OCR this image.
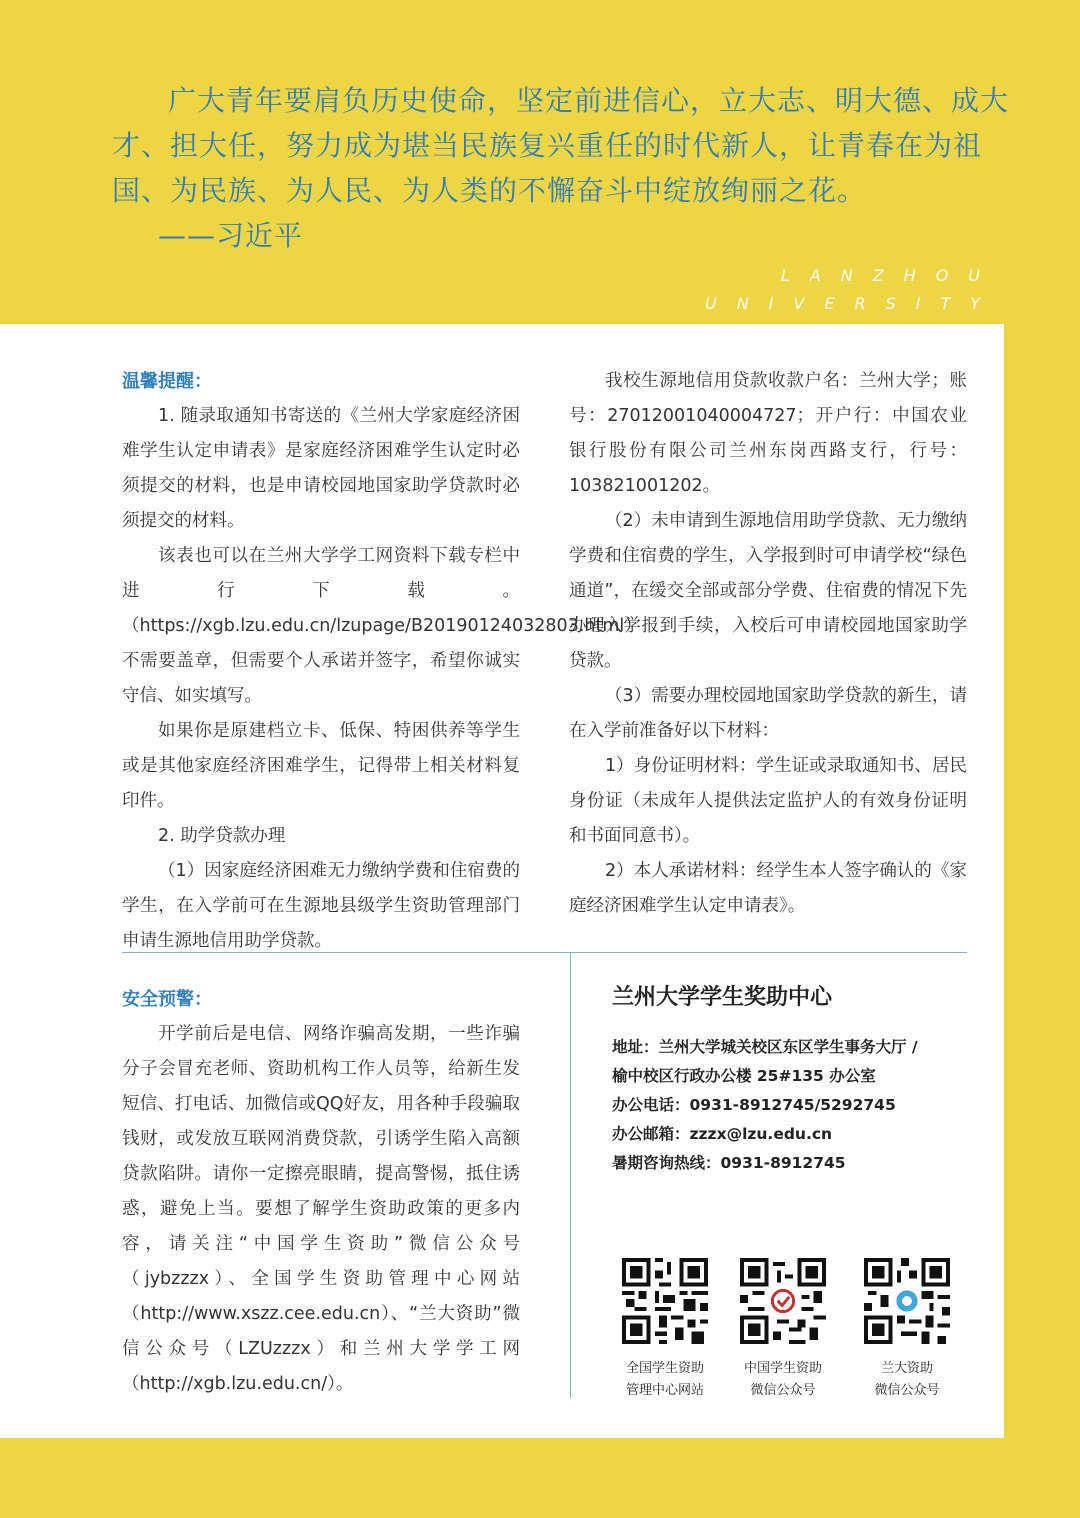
广大青年要肩负历史使命，坚定前进信心，立大志、明大德、成大才、担大任，努力成为堪当民族复兴重任的时代新人，让青春在为祖国、为民族、为人民、为人类的不懈奋斗中绽放绚丽之花。

——习近平

LANZHOU
UNIVERSITY

温馨提醒：

1. 随录取通知书寄送的《兰州大学家庭经济困难学生认定申请表》是家庭经济困难学生认定时必须提交的材料，也是申请校园地国家助学贷款时必须提交的材料。

该表也可以在兰州大学学工网资料下载专栏中进行下载。（https://xgb.lzu.edu.cn/lzupage/B20190124032803.html）不需要盖章，但需要个人承诺并签字，希望你诚实守信、如实填写。

如果你是原建档立卡、低保、特困供养等学生或是其他家庭经济困难学生，记得带上相关材料复印件。

2. 助学贷款办理

（1）因家庭经济困难无力缴纳学费和住宿费的学生，在入学前可在生源地县级学生资助管理部门申请生源地信用助学贷款。

我校生源地信用贷款收款户名：兰州大学；账号：27012001040004727；开户行：中国农业银行股份有限公司兰州东岗西路支行，行号：103821001202。

（2）未申请到生源地信用助学贷款、无力缴纳学费和住宿费的学生，入学报到时可申请学校“绿色通道”，在缓交全部或部分学费、住宿费的情况下先办理入学报到手续，入校后可申请校园地国家助学贷款。

（3）需要办理校园地国家助学贷款的新生，请在入学前准备好以下材料：

1）身份证明材料：学生证或录取通知书、居民身份证（未成年人提供法定监护人的有效身份证明和书面同意书）。

2）本人承诺材料：经学生本人签字确认的《家庭经济困难学生认定申请表》。

安全预警：

开学前后是电信、网络诈骗高发期，一些诈骗分子会冒充老师、资助机构工作人员等，给新生发短信、打电话、加微信或QQ好友，用各种手段骗取钱财，或发放互联网消费贷款，引诱学生陷入高额贷款陷阱。请你一定擦亮眼睛，提高警惕，抵住诱惑，避免上当。要想了解学生资助政策的更多内容，请关注“中国学生资助”微信公众号（jybzzzx）、全国学生资助管理中心网站（http://www.xszz.cee.edu.cn）、“兰大资助”微信公众号（LZUzzzx）和兰州大学学工网（http://xgb.lzu.edu.cn/）。

兰州大学学生奖助中心

地址：兰州大学城关校区东区学生事务大厅 /

榆中校区行政办公楼 25#135 办公室

办公电话：0931-8912745/5292745

办公邮箱：zzzx@lzu.edu.cn

暑期咨询热线：0931-8912745

全国学生资助
管理中心网站
中国学生资助
微信公众号
兰大资助
微信公众号
